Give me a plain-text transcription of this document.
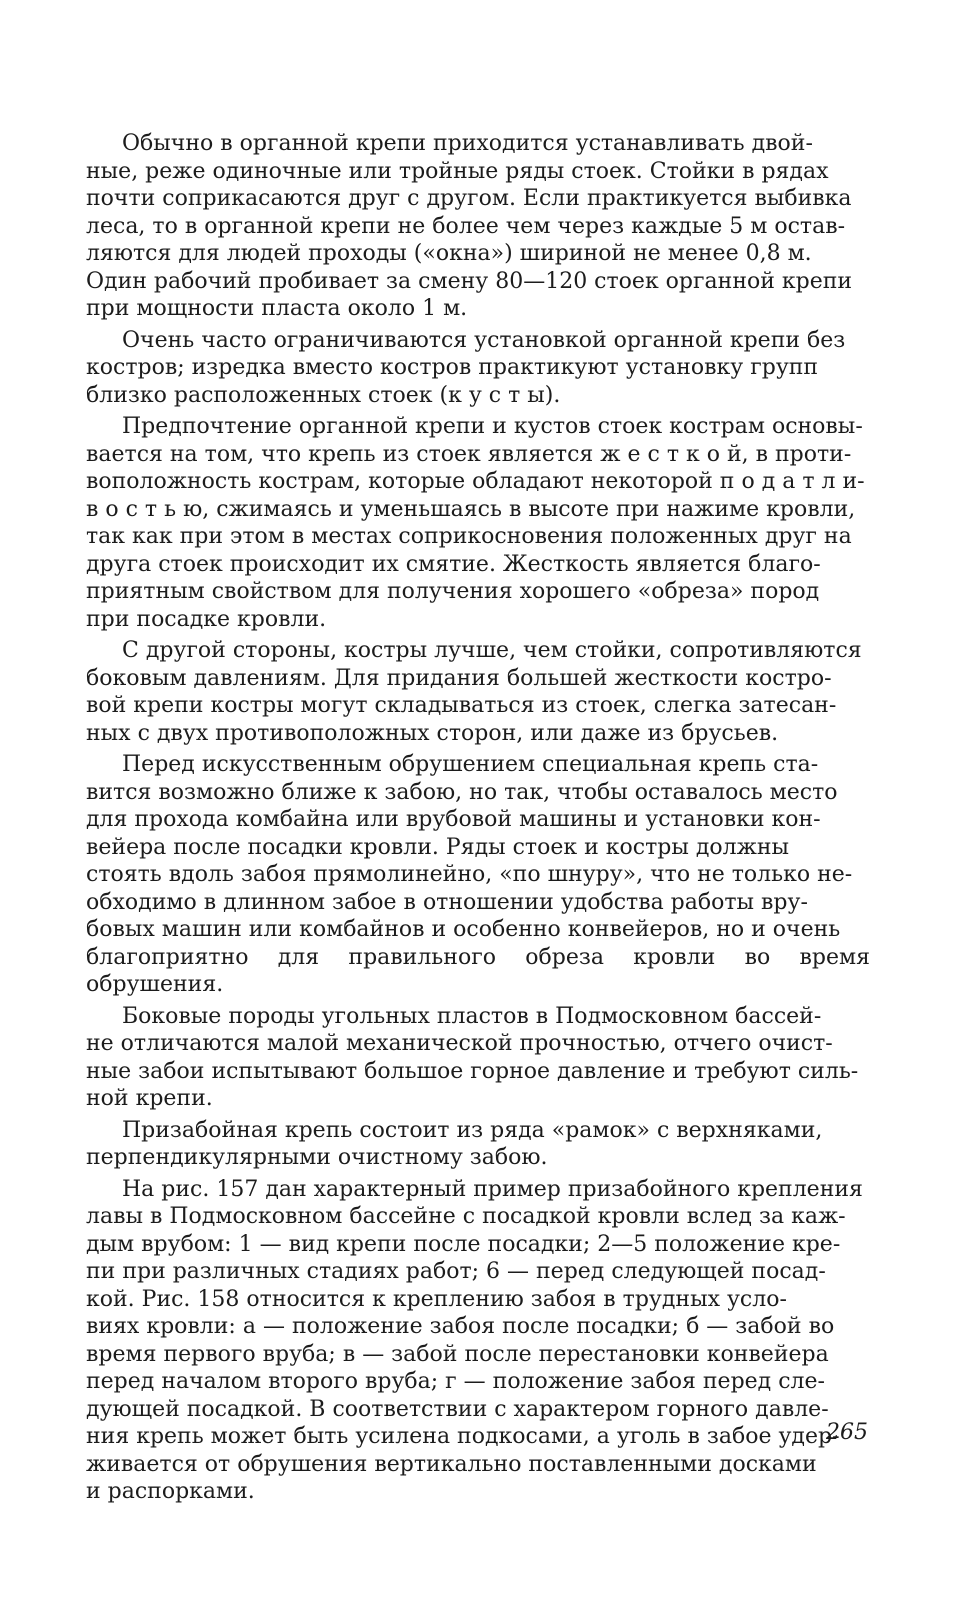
Обычно в органной крепи приходится устанавливать двой-
ные, реже одиночные или тройные ряды стоек. Стойки в рядах
почти соприкасаются друг с другом. Если практикуется выбивка
леса, то в органной крепи не более чем через каждые 5 м остав-
ляются для людей проходы («окна») шириной не менее 0,8 м.
Один рабочий пробивает за смену 80—120 стоек органной крепи
при мощности пласта около 1 м.

Очень часто ограничиваются установкой органной крепи без
костров; изредка вместо костров практикуют установку групп
близко расположенных стоек (к у с т ы).

Предпочтение органной крепи и кустов стоек кострам основы-
вается на том, что крепь из стоек является ж е с т к о й, в проти-
воположность кострам, которые обладают некоторой п о д а т л и-
в о с т ь ю, сжимаясь и уменьшаясь в высоте при нажиме кровли,
так как при этом в местах соприкосновения положенных друг на
друга стоек происходит их смятие. Жесткость является благо-
приятным свойством для получения хорошего «обреза» пород
при посадке кровли.

С другой стороны, костры лучше, чем стойки, сопротивляются
боковым давлениям. Для придания большей жесткости костро-
вой крепи костры могут складываться из стоек, слегка затесан-
ных с двух противоположных сторон, или даже из брусьев.

Перед искусственным обрушением специальная крепь ста-
вится возможно ближе к забою, но так, чтобы оставалось место
для прохода комбайна или врубовой машины и установки кон-
вейера после посадки кровли. Ряды стоек и костры должны
стоять вдоль забоя прямолинейно, «по шнуру», что не только не-
обходимо в длинном забое в отношении удобства работы вру-
бовых машин или комбайнов и особенно конвейеров, но и очень
благоприятно для правильного обреза кровли во время обрушения.

Боковые породы угольных пластов в Подмосковном бассей-
не отличаются малой механической прочностью, отчего очист-
ные забои испытывают большое горное давление и требуют силь-
ной крепи.

Призабойная крепь состоит из ряда «рамок» с верхняками,
перпендикулярными очистному забою.

На рис. 157 дан характерный пример призабойного крепления
лавы в Подмосковном бассейне с посадкой кровли вслед за каж-
дым врубом: 1 — вид крепи после посадки; 2—5 положение кре-
пи при различных стадиях работ; 6 — перед следующей посад-
кой. Рис. 158 относится к креплению забоя в трудных усло-
виях кровли: а — положение забоя после посадки; б — забой во
время первого вруба; в — забой после перестановки конвейера
перед началом второго вруба; г — положение забоя перед сле-
дующей посадкой. В соответствии с характером горного давле-
ния крепь может быть усилена подкосами, а уголь в забое удер-
живается от обрушения вертикально поставленными досками
и распорками.

265
